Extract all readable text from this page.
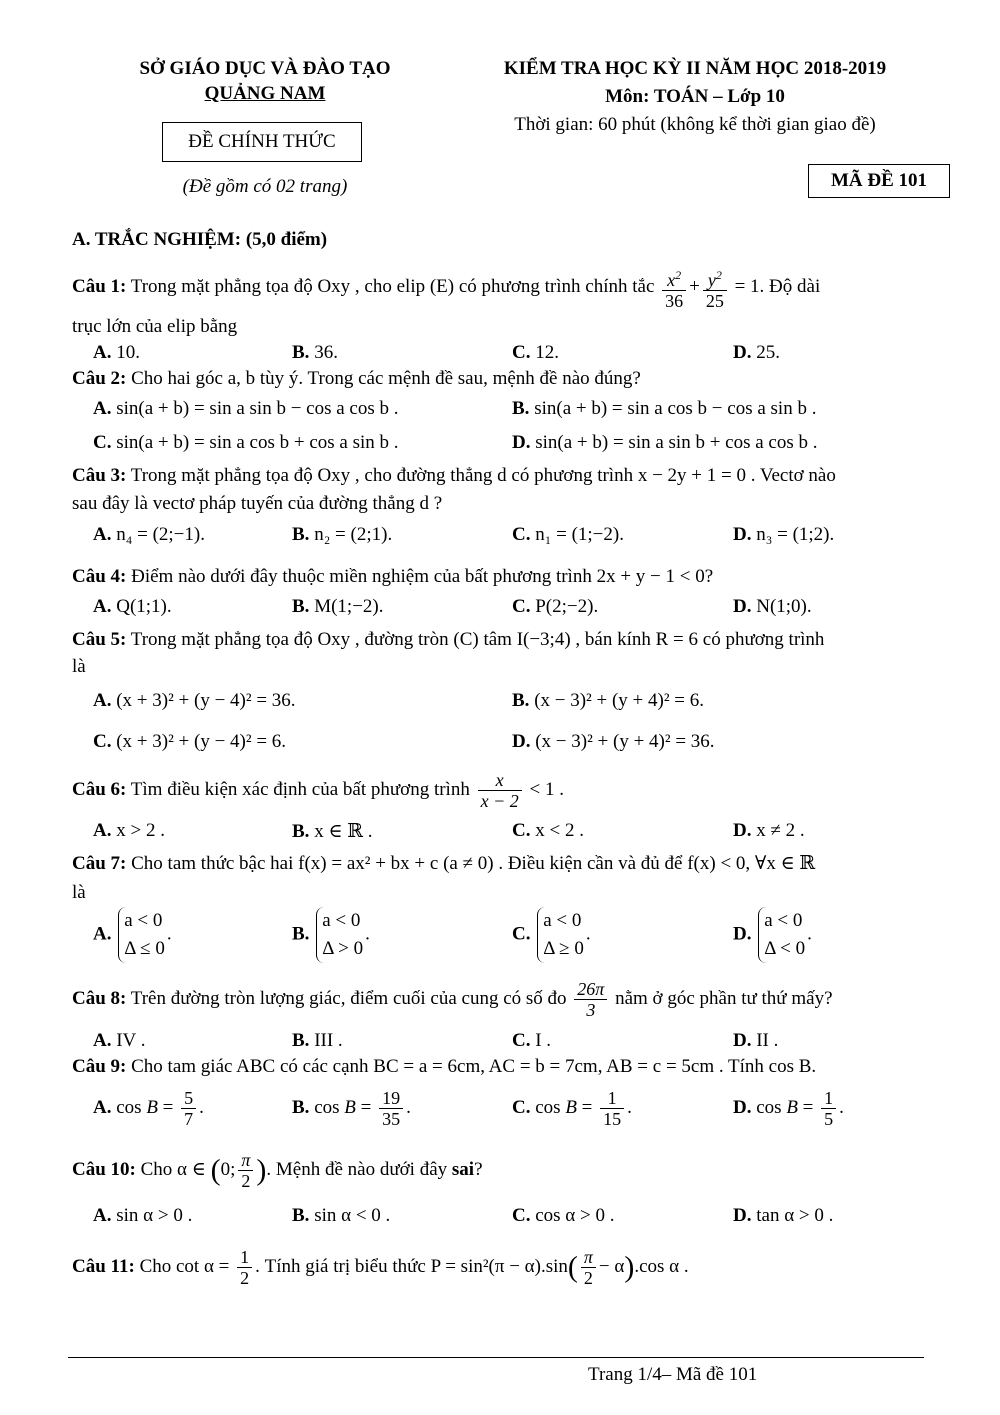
SỞ GIÁO DỤC VÀ ĐÀO TẠO
QUẢNG NAM
ĐỀ CHÍNH THỨC
(Đề gồm có 02 trang)
KIỂM TRA HỌC KỲ II NĂM HỌC 2018-2019
Môn: TOÁN – Lớp 10
Thời gian: 60 phút (không kể thời gian giao đề)
MÃ ĐỀ 101
A. TRẮC NGHIỆM: (5,0 điểm)
Câu 1: Trong mặt phẳng tọa độ Oxy , cho elip (E) có phương trình chính tắc $\frac{x^2}{36} + \frac{y^2}{25} = 1$. Độ dài
trục lớn của elip bằng
A. 10.	B. 36.	C. 12.	D. 25.
Câu 2: Cho hai góc a, b tùy ý. Trong các mệnh đề sau, mệnh đề nào đúng?
A. sin(a + b) = sin a sin b − cos a cos b .	B. sin(a + b) = sin a cos b − cos a sin b .
C. sin(a + b) = sin a cos b + cos a sin b .	D. sin(a + b) = sin a sin b + cos a cos b .
Câu 3: Trong mặt phẳng tọa độ Oxy , cho đường thẳng d có phương trình x − 2y + 1 = 0 . Vectơ nào
sau đây là vectơ pháp tuyến của đường thẳng d ?
A. n₄ = (2;−1).	B. n₂ = (2;1).	C. n₁ = (1;−2).	D. n₃ = (1;2).
Câu 4: Điểm nào dưới đây thuộc miền nghiệm của bất phương trình 2x + y − 1 < 0?
A. Q(1;1).	B. M(1;−2).	C. P(2;−2).	D. N(1;0).
Câu 5: Trong mặt phẳng tọa độ Oxy , đường tròn (C) tâm I(−3;4) , bán kính R = 6 có phương trình
là
A. (x + 3)² + (y − 4)² = 36.	B. (x − 3)² + (y + 4)² = 6.
C. (x + 3)² + (y − 4)² = 6.	D. (x − 3)² + (y + 4)² = 36.
Câu 6: Tìm điều kiện xác định của bất phương trình $\frac{x}{x - 2} < 1$ .
A. x > 2 .	B. x ∈ ℝ .	C. x < 2 .	D. x ≠ 2 .
Câu 7: Cho tam thức bậc hai f(x) = ax² + bx + c (a ≠ 0) . Điều kiện cần và đủ để f(x) < 0, ∀x ∈ ℝ
là
A. a < 0
Δ ≤ 0.	B. a < 0
Δ > 0.	C. a < 0
Δ ≥ 0.	D. a < 0
Δ < 0.
Câu 8: Trên đường tròn lượng giác, điểm cuối của cung có số đo $\frac{26\pi}{3}$ nằm ở góc phần tư thứ mấy?
A. IV .	B. III .	C. I .	D. II .
Câu 9: Cho tam giác ABC có các cạnh BC = a = 6cm, AC = b = 7cm, AB = c = 5cm . Tính cos B.
A. $\cos B = \frac{5}{7}$ .	B. $\cos B = \frac{19}{35}$ .	C. $\cos B = \frac{1}{15}$ .	D. $\cos B = \frac{1}{5}$ .
Câu 10: Cho α ∈ (0; $\frac{\pi}{2}$ ). Mệnh đề nào dưới đây sai?
A. sin α > 0 .	B. sin α < 0 .	C. cos α > 0 .	D. tan α > 0 .
Câu 11: Cho $\cot \alpha = \frac{1}{2}$ . Tính giá trị biểu thức $P = \sin^2(\pi - \alpha).\sin( \frac{\pi}{2} - \alpha).\cos$ α .
Trang 1/4– Mã đề 101
